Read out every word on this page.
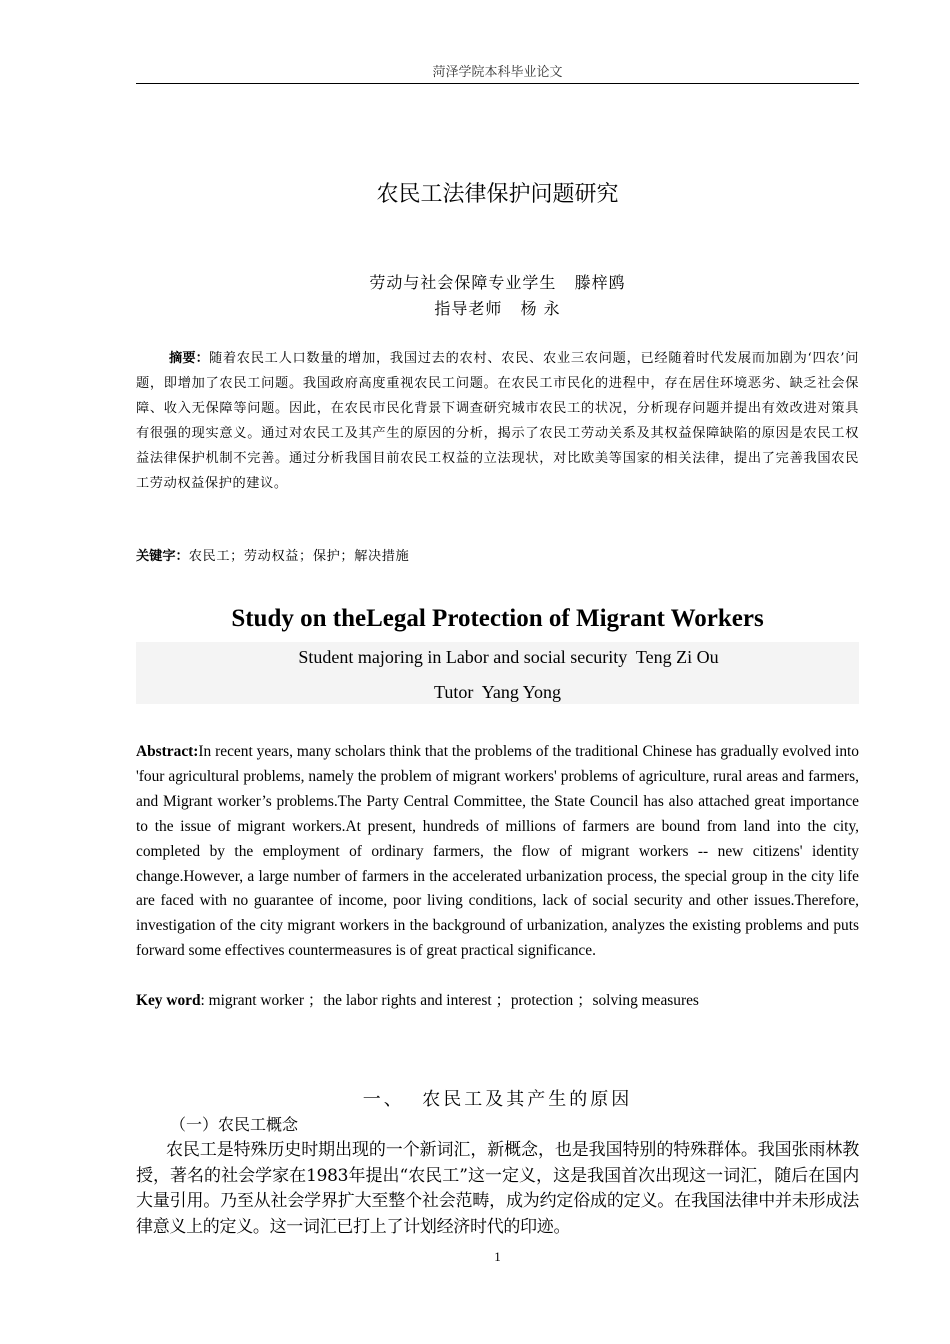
菏泽学院本科毕业论文
农民工法律保护问题研究
劳动与社会保障专业学生   滕梓鸥
指导老师   杨 永
摘要：随着农民工人口数量的增加，我国过去的农村、农民、农业三农问题，已经随着时代发展而加剧为‘四农’问题，即增加了农民工问题。我国政府高度重视农民工问题。在农民工市民化的进程中，存在居住环境恶劣、缺乏社会保障、收入无保障等问题。因此，在农民市民化背景下调查研究城市农民工的状况，分析现存问题并提出有效改进对策具有很强的现实意义。通过对农民工及其产生的原因的分析，揭示了农民工劳动关系及其权益保障缺陷的原因是农民工权益法律保护机制不完善。通过分析我国目前农民工权益的立法现状，对比欧美等国家的相关法律，提出了完善我国农民工劳动权益保护的建议。
关键字：农民工；劳动权益；保护；解决措施
Study on theLegal Protection of Migrant Workers
Student majoring in Labor and social security  Teng Zi Ou
Tutor  Yang Yong
Abstract:In recent years, many scholars think that the problems of the traditional Chinese has gradually evolved into 'four agricultural problems, namely the problem of migrant workers' problems of agriculture, rural areas and farmers, and Migrant worker’s problems.The Party Central Committee, the State Council has also attached great importance to the issue of migrant workers.At present, hundreds of millions of farmers are bound from land into the city, completed by the employment of ordinary farmers, the flow of migrant workers -- new citizens' identity change.However, a large number of farmers in the accelerated urbanization process, the special group in the city life are faced with no guarantee of income, poor living conditions, lack of social security and other issues.Therefore, investigation of the city migrant workers in the background of urbanization, analyzes the existing problems and puts forward some effectives countermeasures is of great practical significance.
Key word: migrant worker ；the labor rights and interest ；protection ；solving measures
一、  农民工及其产生的原因
（一）农民工概念
农民工是特殊历史时期出现的一个新词汇，新概念，也是我国特别的特殊群体。我国张雨林教授，著名的社会学家在1983年提出“农民工”这一定义，这是我国首次出现这一词汇，随后在国内大量引用。乃至从社会学界扩大至整个社会范畴，成为约定俗成的定义。在我国法律中并未形成法律意义上的定义。这一词汇已打上了计划经济时代的印迹。
1
